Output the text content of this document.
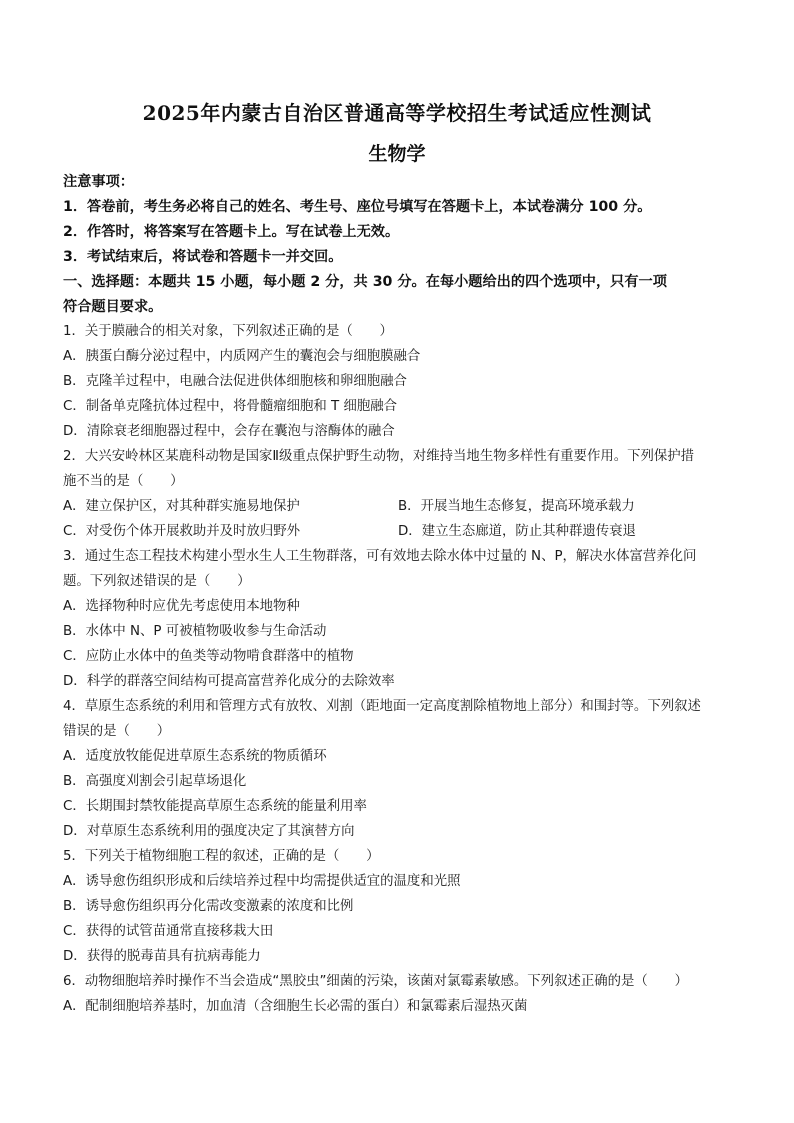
2025年内蒙古自治区普通高等学校招生考试适应性测试
生物学
注意事项：
1．答卷前，考生务必将自己的姓名、考生号、座位号填写在答题卡上，本试卷满分 100 分。
2．作答时，将答案写在答题卡上。写在试卷上无效。
3．考试结束后，将试卷和答题卡一并交回。
一、选择题：本题共 15 小题，每小题 2 分，共 30 分。在每小题给出的四个选项中，只有一项
符合题目要求。
1．关于膜融合的相关对象，下列叙述正确的是（　　）
A．胰蛋白酶分泌过程中，内质网产生的囊泡会与细胞膜融合
B．克隆羊过程中，电融合法促进供体细胞核和卵细胞融合
C．制备单克隆抗体过程中，将骨髓瘤细胞和 T 细胞融合
D．清除衰老细胞器过程中，会存在囊泡与溶酶体的融合
2．大兴安岭林区某鹿科动物是国家Ⅱ级重点保护野生动物，对维持当地生物多样性有重要作用。下列保护措
施不当的是（　　）
A．建立保护区，对其种群实施易地保护	B．开展当地生态修复，提高环境承载力
C．对受伤个体开展救助并及时放归野外	D．建立生态廊道，防止其种群遗传衰退
3．通过生态工程技术构建小型水生人工生物群落，可有效地去除水体中过量的 N、P，解决水体富营养化问
题。下列叙述错误的是（　　）
A．选择物种时应优先考虑使用本地物种
B．水体中 N、P 可被植物吸收参与生命活动
C．应防止水体中的鱼类等动物啃食群落中的植物
D．科学的群落空间结构可提高富营养化成分的去除效率
4．草原生态系统的利用和管理方式有放牧、刈割（距地面一定高度割除植物地上部分）和围封等。下列叙述
错误的是（　　）
A．适度放牧能促进草原生态系统的物质循环
B．高强度刈割会引起草场退化
C．长期围封禁牧能提高草原生态系统的能量利用率
D．对草原生态系统利用的强度决定了其演替方向
5．下列关于植物细胞工程的叙述，正确的是（　　）
A．诱导愈伤组织形成和后续培养过程中均需提供适宜的温度和光照
B．诱导愈伤组织再分化需改变激素的浓度和比例
C．获得的试管苗通常直接移栽大田
D．获得的脱毒苗具有抗病毒能力
6．动物细胞培养时操作不当会造成“黑胶虫”细菌的污染，该菌对氯霉素敏感。下列叙述正确的是（　　）
A．配制细胞培养基时，加血清（含细胞生长必需的蛋白）和氯霉素后湿热灭菌
